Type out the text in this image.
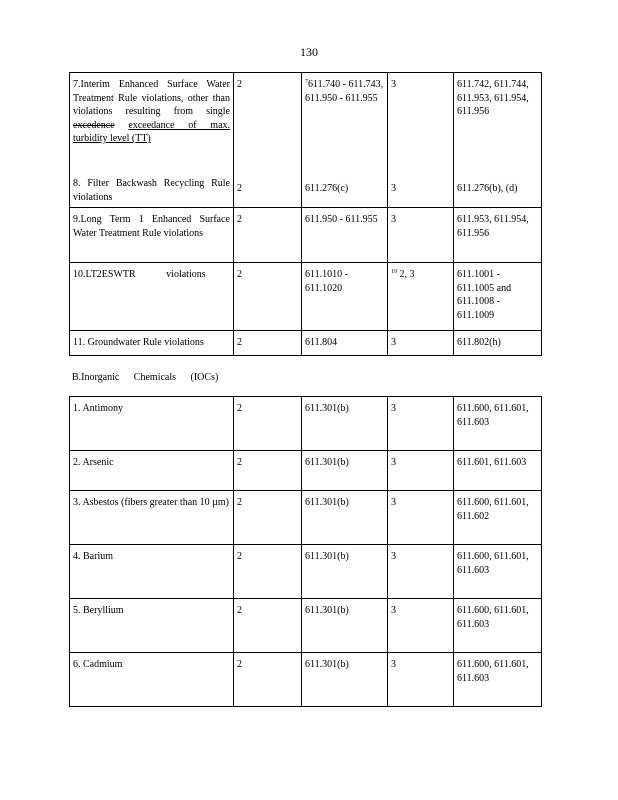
130
7.Interim Enhanced Surface Water Treatment Rule violations, other than violations resulting from single excedence exceedance of max. turbidity level (TT)	2	$^7$611.740 - 611.743, 611.950 - 611.955	3	611.742, 611.744, 611.953, 611.954, 611.956
8. Filter Backwash Recycling Rule violations	2	611.276(c)	3	611.276(b), (d)
9.Long Term 1 Enhanced Surface Water Treatment Rule violations	2	611.950 - 611.955	3	611.953, 611.954, 611.956
10.LT2ESWTR violations	2	611.1010 - 611.1020	$^{19}$ 2, 3	611.1001 - 611.1005 and 611.1008 - 611.1009
11. Groundwater Rule violations	2	611.804	3	611.802(h)
B.Inorganic Chemicals (IOCs)
1. Antimony	2	611.301(b)	3	611.600, 611.601, 611.603
2. Arsenic	2	611.301(b)	3	611.601, 611.603
3. Asbestos (fibers greater than 10 µm)	2	611.301(b)	3	611.600, 611.601, 611.602
4. Barium	2	611.301(b)	3	611.600, 611.601, 611.603
5. Beryllium	2	611.301(b)	3	611.600, 611.601, 611.603
6. Cadmium	2	611.301(b)	3	611.600, 611.601, 611.603
